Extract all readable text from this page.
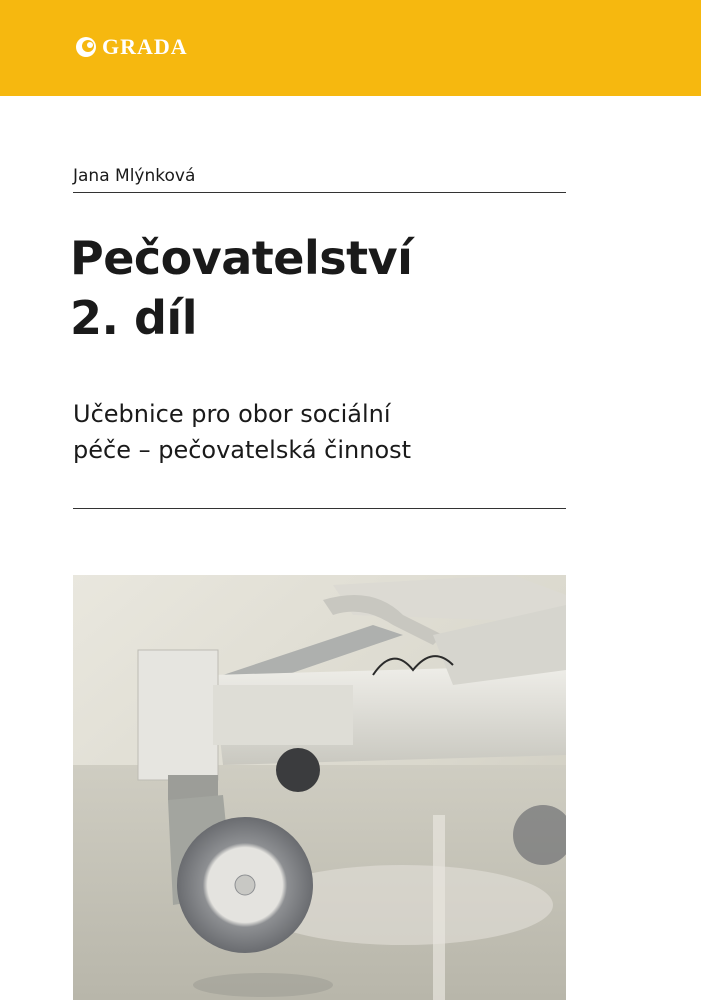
GRADA
Jana Mlýnková
Pečovatelství
2. díl

Učebnice pro obor sociální
péče – pečovatelská činnost
